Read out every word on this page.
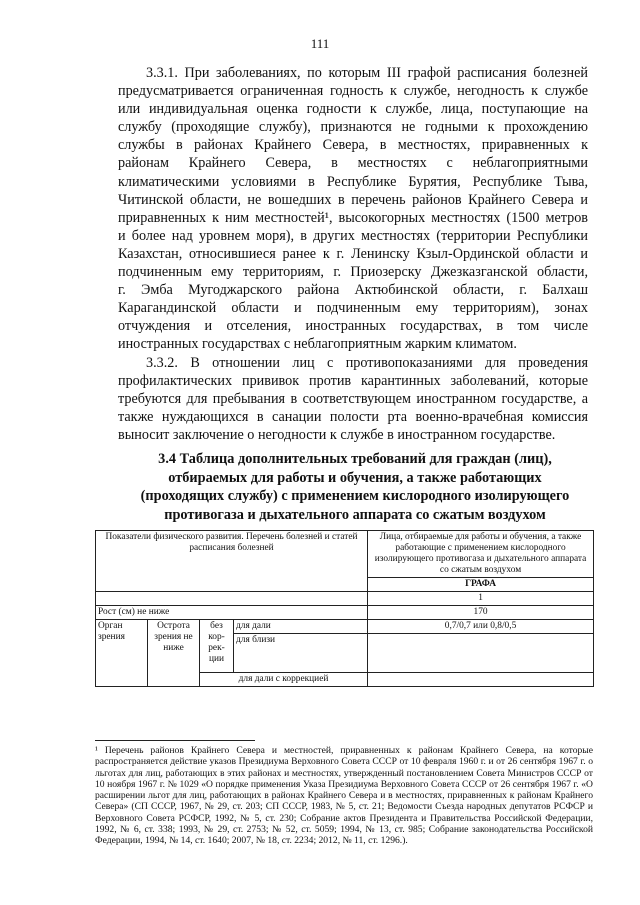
111

3.3.1. При заболеваниях, по которым III графой расписания болезней
предусматривается ограниченная годность к службе, негодность к службе
или индивидуальная оценка годности к службе, лица, поступающие на
службу (проходящие службу), признаются не годными к прохождению
службы в районах Крайнего Севера, в местностях, приравненных к
районам Крайнего Севера, в местностях с неблагоприятными
климатическими условиями в Республике Бурятия, Республике Тыва,
Читинской области, не вошедших в перечень районов Крайнего Севера и
приравненных к ним местностей¹, высокогорных местностях (1500 метров
и более над уровнем моря), в других местностях (территории Республики
Казахстан, относившиеся ранее к г. Ленинску Кзыл-Ординской области и
подчиненным ему территориям, г. Приозерску Джезказганской области,
г. Эмба Мугоджарского района Актюбинской области, г. Балхаш
Карагандинской области и подчиненным ему территориям), зонах
отчуждения и отселения, иностранных государствах, в том числе
иностранных государствах с неблагоприятным жарким климатом.

3.3.2. В отношении лиц с противопоказаниями для проведения
профилактических прививок против карантинных заболеваний, которые
требуются для пребывания в соответствующем иностранном государстве, а
также нуждающихся в санации полости рта военно-врачебная комиссия
выносит заключение о негодности к службе в иностранном государстве.

3.4 Таблица дополнительных требований для граждан (лиц),
отбираемых для работы и обучения, а также работающих
(проходящих службу) с применением кислородного изолирующего
противогаза и дыхательного аппарата со сжатым воздухом
Показатели физического развития. Перечень болезней и статей расписания болезней				Лица, отбираемые для работы и обучения, а также работающие с применением кислородного изолирующего противогаза и дыхательного аппарата со сжатым воздухом
				ГРАФА
				1
Рост (см) не ниже				170
Орган зрения	Острота зрения не ниже	без кор-рек-ции	для дали	0,7/0,7 или 0,8/0,5
			для близи	
		для дали с коррекцией		

¹ Перечень районов Крайнего Севера и местностей, приравненных к районам Крайнего Севера, на которые распространяется действие указов Президиума Верховного Совета СССР от 10 февраля 1960 г. и от 26 сентября 1967 г. о льготах для лиц, работающих в этих районах и местностях, утвержденный постановлением Совета Министров СССР от 10 ноября 1967 г. № 1029 «О порядке применения Указа Президиума Верховного Совета СССР от 26 сентября 1967 г. «О расширении льгот для лиц, работающих в районах Крайнего Севера и в местностях, приравненных к районам Крайнего Севера» (СП СССР, 1967, № 29, ст. 203; СП СССР, 1983, № 5, ст. 21; Ведомости Съезда народных депутатов РСФСР и Верховного Совета РСФСР, 1992, № 5, ст. 230; Собрание актов Президента и Правительства Российской Федерации, 1992, № 6, ст. 338; 1993, № 29, ст. 2753; № 52, ст. 5059; 1994, № 13, ст. 985; Собрание законодательства Российской Федерации, 1994, № 14, ст. 1640; 2007, № 18, ст. 2234; 2012, № 11, ст. 1296.).
